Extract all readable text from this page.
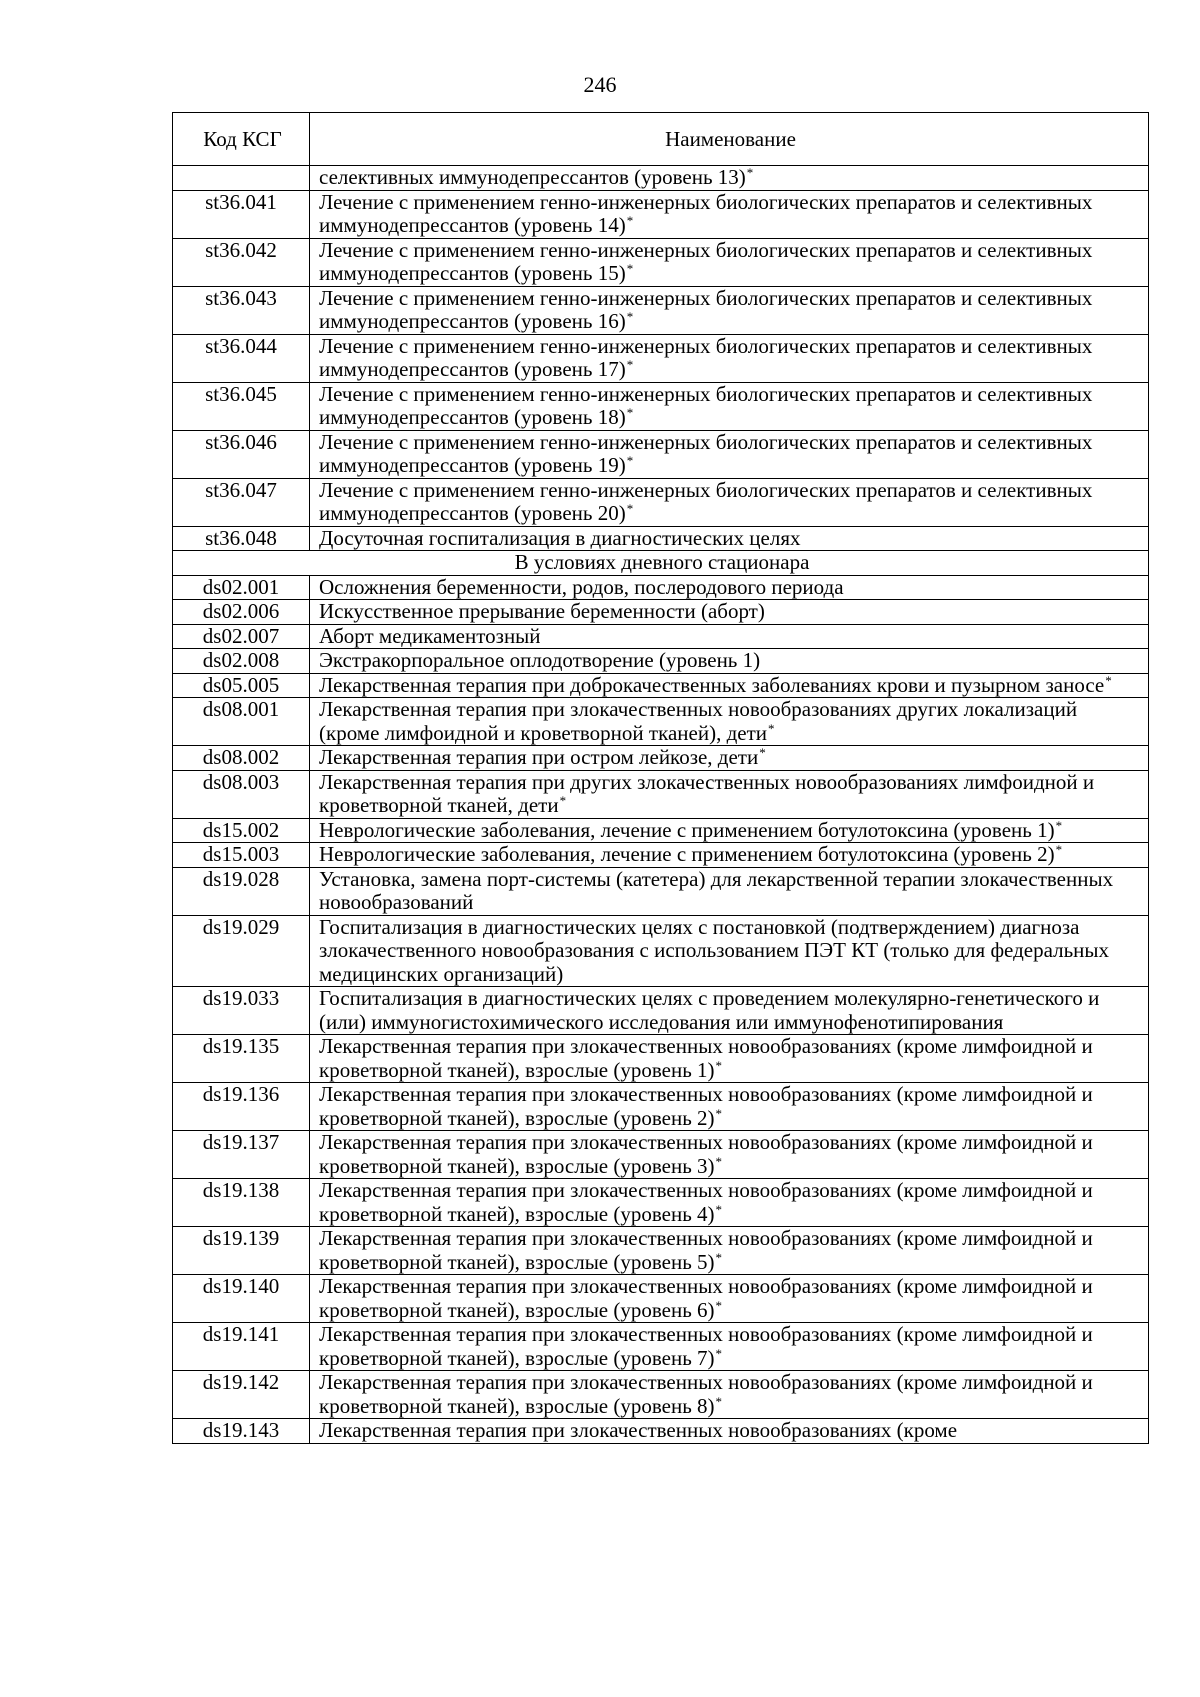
246
Код КСГ	Наименование
	селективных иммунодепрессантов (уровень 13)*
st36.041	Лечение с применением генно-инженерных биологических препаратов и селективных иммунодепрессантов (уровень 14)*
st36.042	Лечение с применением генно-инженерных биологических препаратов и селективных иммунодепрессантов (уровень 15)*
st36.043	Лечение с применением генно-инженерных биологических препаратов и селективных иммунодепрессантов (уровень 16)*
st36.044	Лечение с применением генно-инженерных биологических препаратов и селективных иммунодепрессантов (уровень 17)*
st36.045	Лечение с применением генно-инженерных биологических препаратов и селективных иммунодепрессантов (уровень 18)*
st36.046	Лечение с применением генно-инженерных биологических препаратов и селективных иммунодепрессантов (уровень 19)*
st36.047	Лечение с применением генно-инженерных биологических препаратов и селективных иммунодепрессантов (уровень 20)*
st36.048	Досуточная госпитализация в диагностических целях
В условиях дневного стационара	
ds02.001	Осложнения беременности, родов, послеродового периода
ds02.006	Искусственное прерывание беременности (аборт)
ds02.007	Аборт медикаментозный
ds02.008	Экстракорпоральное оплодотворение (уровень 1)
ds05.005	Лекарственная терапия при доброкачественных заболеваниях крови и пузырном заносе*
ds08.001	Лекарственная терапия при злокачественных новообразованиях других локализаций (кроме лимфоидной и кроветворной тканей), дети*
ds08.002	Лекарственная терапия при остром лейкозе, дети*
ds08.003	Лекарственная терапия при других злокачественных новообразованиях лимфоидной и кроветворной тканей, дети*
ds15.002	Неврологические заболевания, лечение с применением ботулотоксина (уровень 1)*
ds15.003	Неврологические заболевания, лечение с применением ботулотоксина (уровень 2)*
ds19.028	Установка, замена порт-системы (катетера) для лекарственной терапии злокачественных новообразований
ds19.029	Госпитализация в диагностических целях с постановкой (подтверждением) диагноза злокачественного новообразования с использованием ПЭТ КТ (только для федеральных медицинских организаций)
ds19.033	Госпитализация в диагностических целях с проведением молекулярно-генетического и (или) иммуногистохимического исследования или иммунофенотипирования
ds19.135	Лекарственная терапия при злокачественных новообразованиях (кроме лимфоидной и кроветворной тканей), взрослые (уровень 1)*
ds19.136	Лекарственная терапия при злокачественных новообразованиях (кроме лимфоидной и кроветворной тканей), взрослые (уровень 2)*
ds19.137	Лекарственная терапия при злокачественных новообразованиях (кроме лимфоидной и кроветворной тканей), взрослые (уровень 3)*
ds19.138	Лекарственная терапия при злокачественных новообразованиях (кроме лимфоидной и кроветворной тканей), взрослые (уровень 4)*
ds19.139	Лекарственная терапия при злокачественных новообразованиях (кроме лимфоидной и кроветворной тканей), взрослые (уровень 5)*
ds19.140	Лекарственная терапия при злокачественных новообразованиях (кроме лимфоидной и кроветворной тканей), взрослые (уровень 6)*
ds19.141	Лекарственная терапия при злокачественных новообразованиях (кроме лимфоидной и кроветворной тканей), взрослые (уровень 7)*
ds19.142	Лекарственная терапия при злокачественных новообразованиях (кроме лимфоидной и кроветворной тканей), взрослые (уровень 8)*
ds19.143	Лекарственная терапия при злокачественных новообразованиях (кроме
